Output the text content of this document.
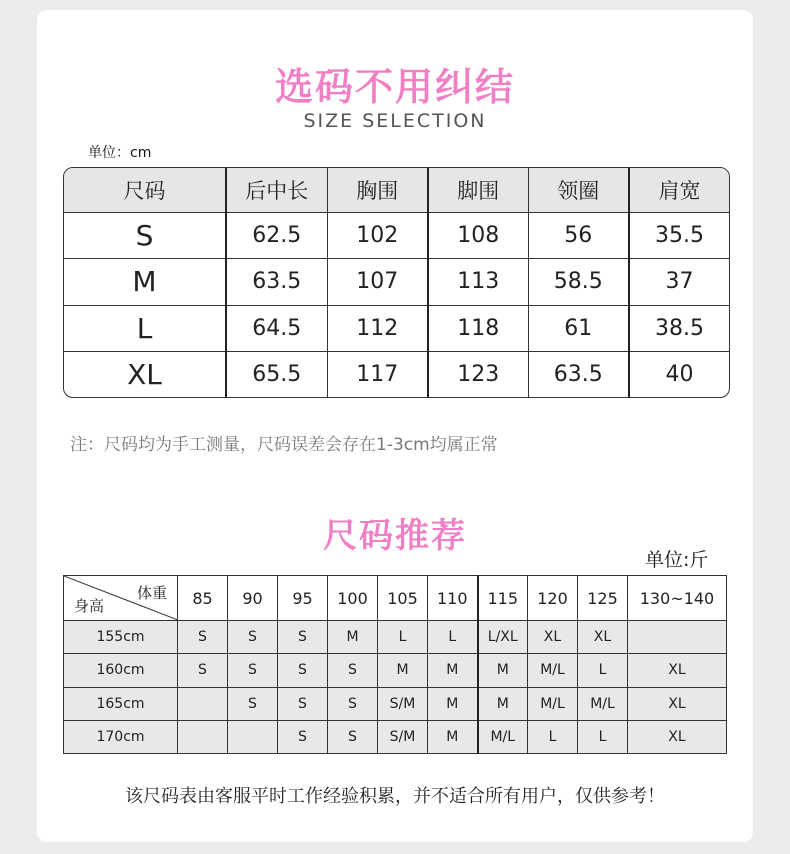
选码不用纠结
SIZE SELECTION
单位：cm
尺码	后中长	胸围	脚围	领圈	肩宽
S	62.5	102	108	56	35.5
M	63.5	107	113	58.5	37
L	64.5	112	118	61	38.5
XL	65.5	117	123	63.5	40
注：尺码均为手工测量，尺码误差会存在1-3cm均属正常
尺码推荐
单位:斤
体重
身高	85	90	95	100	105	110	115	120	125	130~140
155cm	S	S	S	M	L	L	L/XL	XL	XL	
160cm	S	S	S	S	M	M	M	M/L	L	XL
165cm		S	S	S	S/M	M	M	M/L	M/L	XL
170cm			S	S	S/M	M	M/L	L	L	XL
该尺码表由客服平时工作经验积累，并不适合所有用户，仅供参考！
